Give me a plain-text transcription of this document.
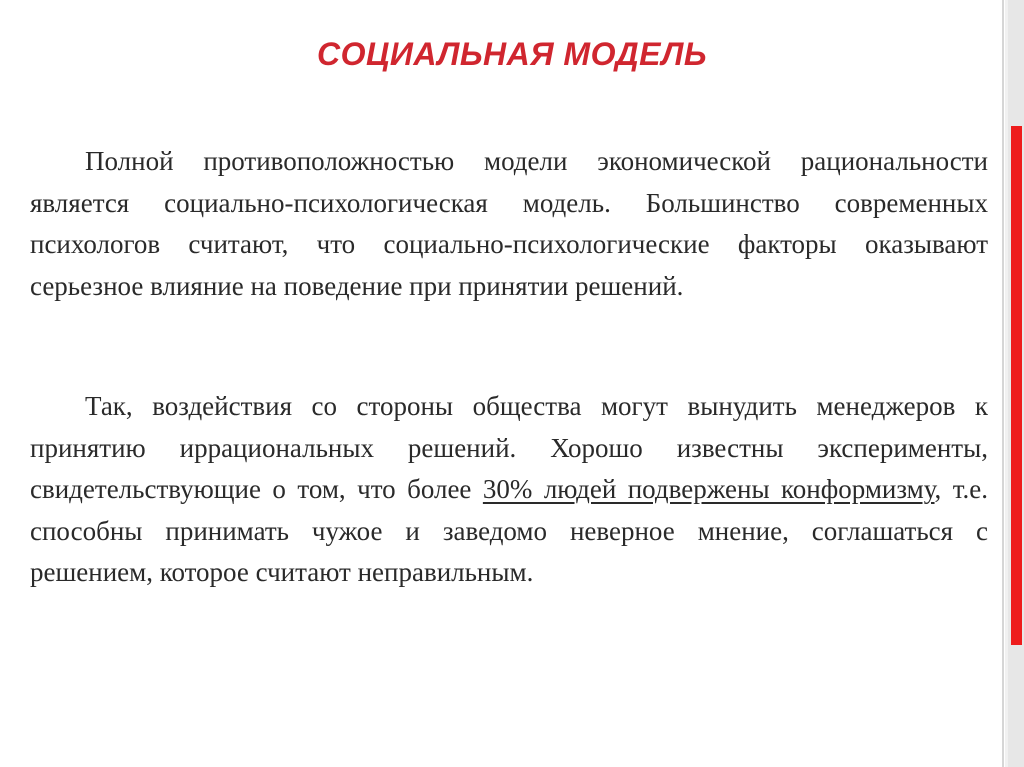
СОЦИАЛЬНАЯ МОДЕЛЬ

Полной противоположностью модели экономической рациональности является социально-психологическая модель. Большинство современных психологов считают, что социально-психологические факторы оказывают серьезное влияние на поведение при принятии решений.

Так, воздействия со стороны общества могут вынудить менеджеров к принятию иррациональных решений. Хорошо известны эксперименты, свидетельствующие о том, что более 30% людей подвержены конформизму, т.е. способны принимать чужое и заведомо неверное мнение, соглашаться с решением, которое считают неправильным.
